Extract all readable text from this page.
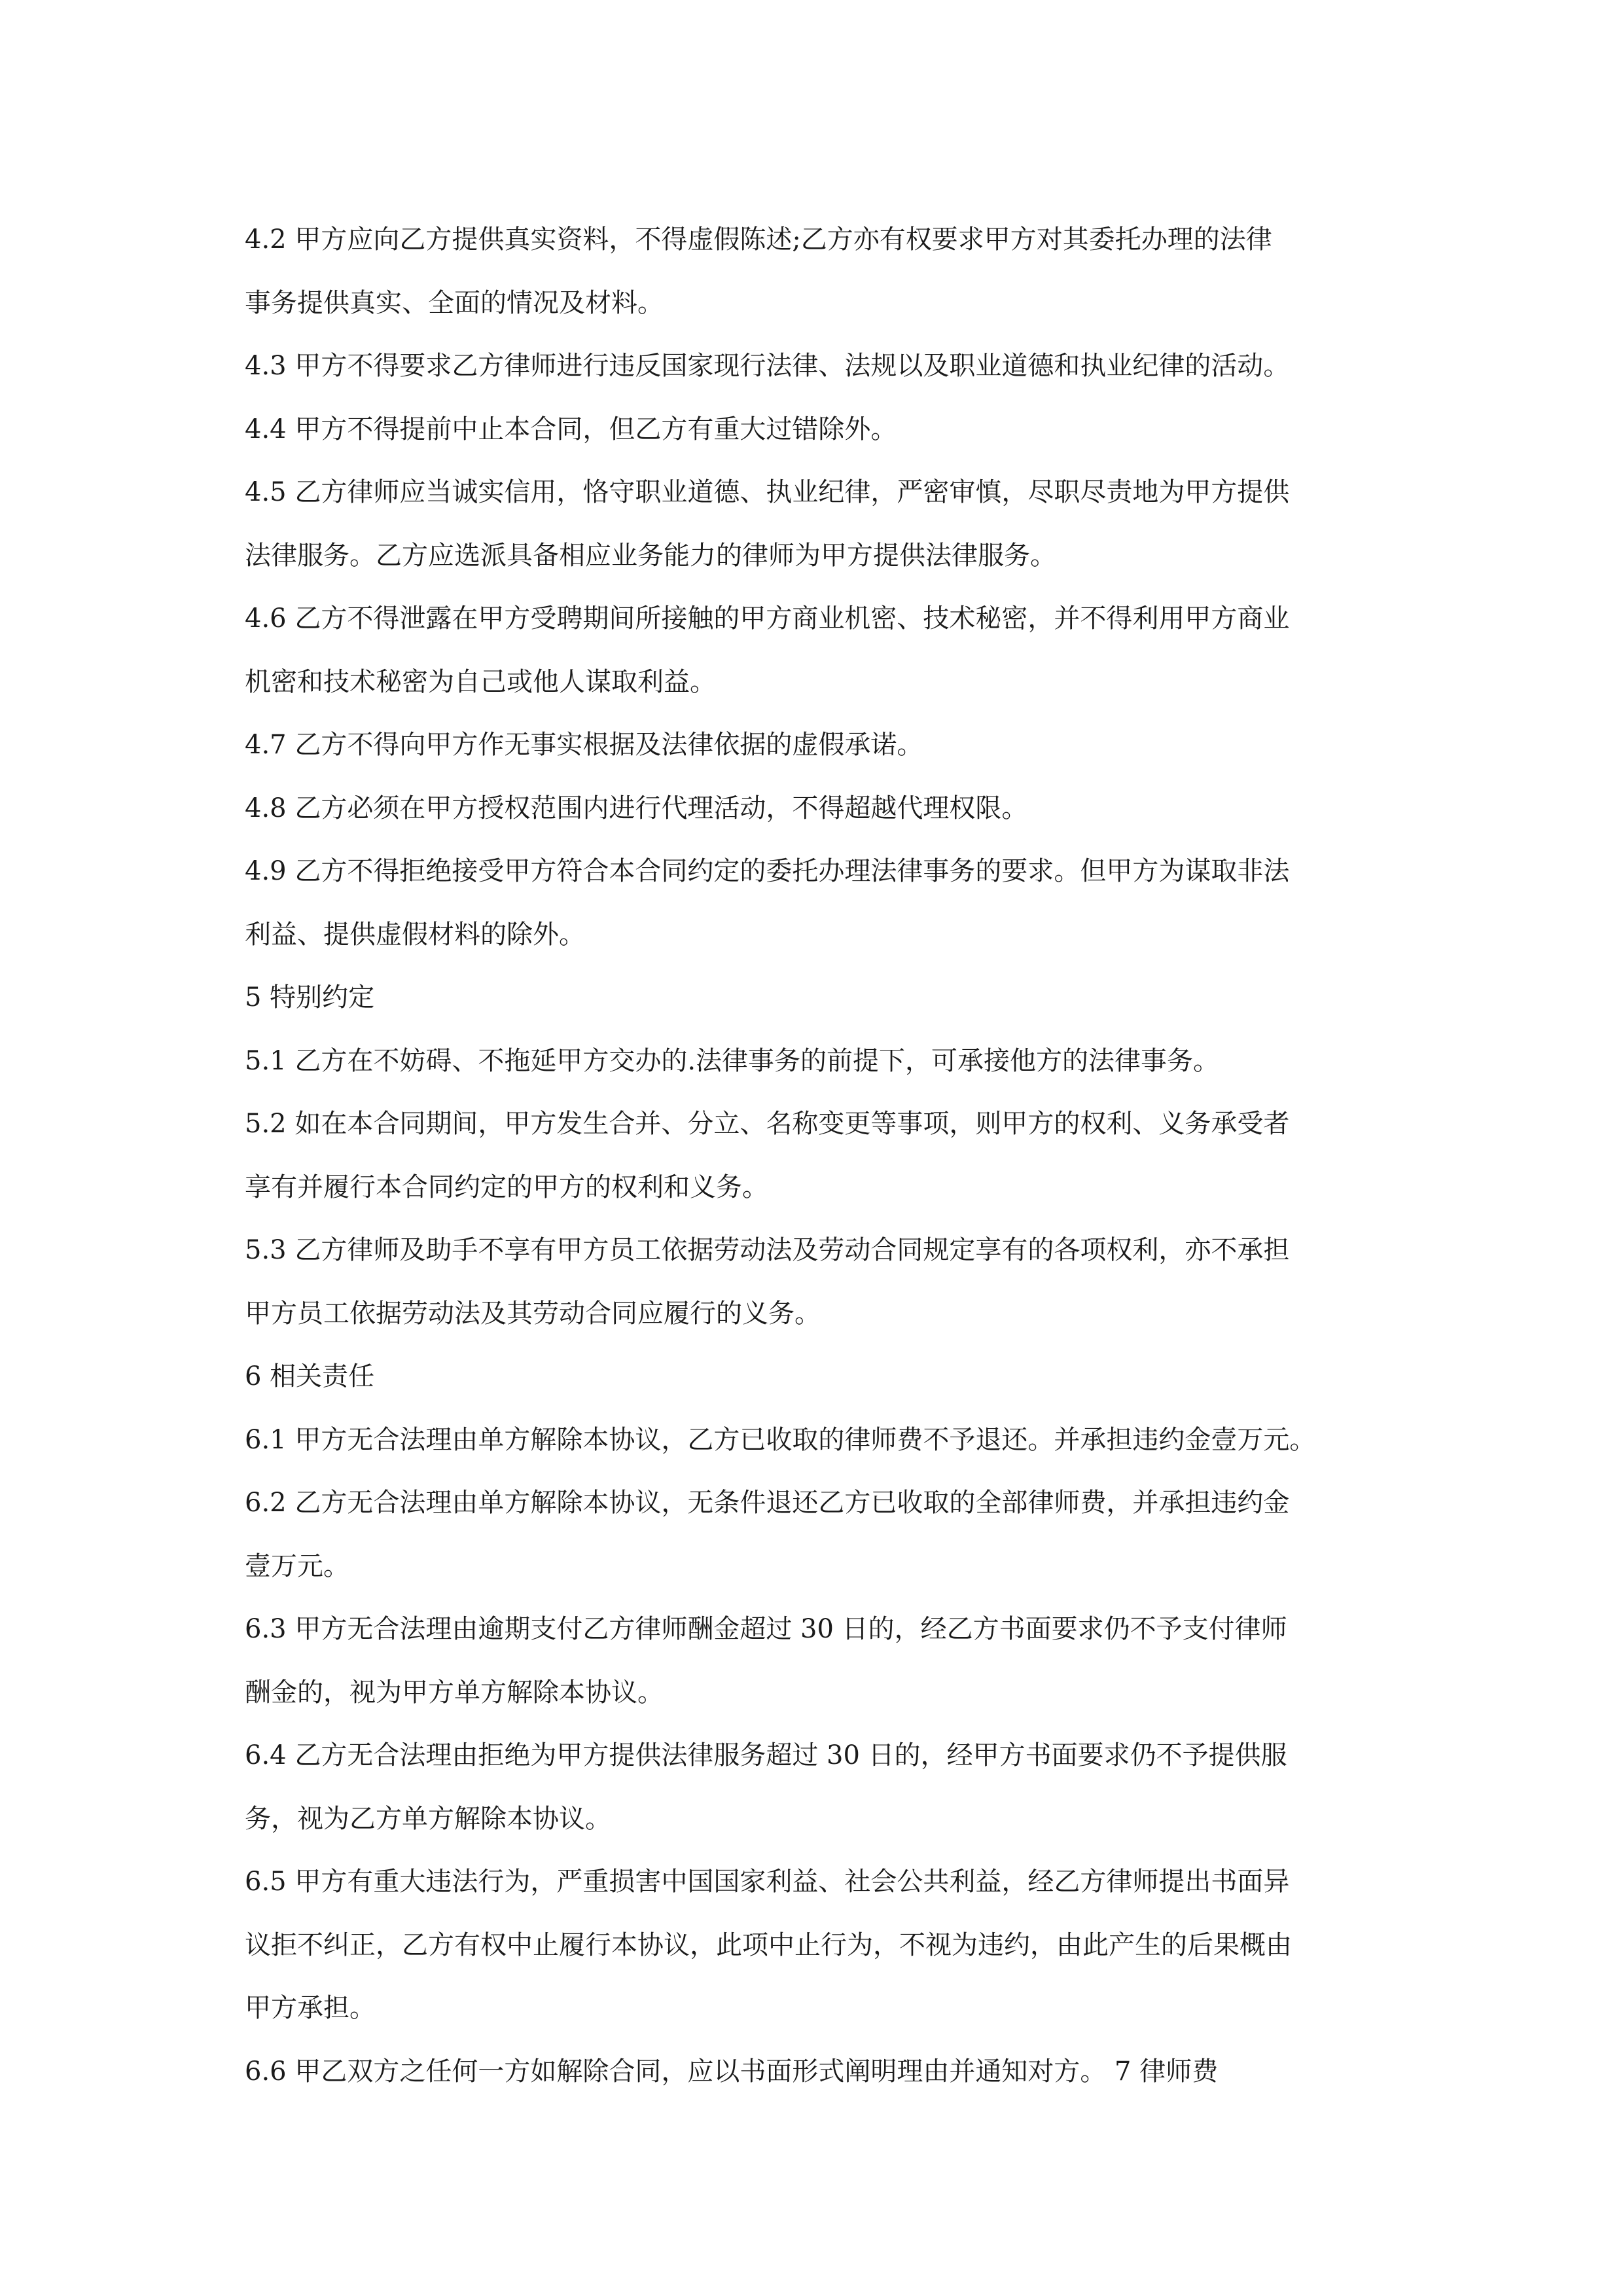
4.2 甲方应向乙方提供真实资料，不得虚假陈述;乙方亦有权要求甲方对其委托办理的法律
事务提供真实、全面的情况及材料。
4.3 甲方不得要求乙方律师进行违反国家现行法律、法规以及职业道德和执业纪律的活动。
4.4 甲方不得提前中止本合同，但乙方有重大过错除外。
4.5 乙方律师应当诚实信用，恪守职业道德、执业纪律，严密审慎，尽职尽责地为甲方提供
法律服务。乙方应选派具备相应业务能力的律师为甲方提供法律服务。
4.6 乙方不得泄露在甲方受聘期间所接触的甲方商业机密、技术秘密，并不得利用甲方商业
机密和技术秘密为自己或他人谋取利益。
4.7 乙方不得向甲方作无事实根据及法律依据的虚假承诺。
4.8 乙方必须在甲方授权范围内进行代理活动，不得超越代理权限。
4.9 乙方不得拒绝接受甲方符合本合同约定的委托办理法律事务的要求。但甲方为谋取非法
利益、提供虚假材料的除外。
5 特别约定
5.1 乙方在不妨碍、不拖延甲方交办的.法律事务的前提下，可承接他方的法律事务。
5.2 如在本合同期间，甲方发生合并、分立、名称变更等事项，则甲方的权利、义务承受者
享有并履行本合同约定的甲方的权利和义务。
5.3 乙方律师及助手不享有甲方员工依据劳动法及劳动合同规定享有的各项权利，亦不承担
甲方员工依据劳动法及其劳动合同应履行的义务。
6 相关责任
6.1 甲方无合法理由单方解除本协议，乙方已收取的律师费不予退还。并承担违约金壹万元。
6.2 乙方无合法理由单方解除本协议，无条件退还乙方已收取的全部律师费，并承担违约金
壹万元。
6.3 甲方无合法理由逾期支付乙方律师酬金超过 30 日的，经乙方书面要求仍不予支付律师
酬金的，视为甲方单方解除本协议。
6.4 乙方无合法理由拒绝为甲方提供法律服务超过 30 日的，经甲方书面要求仍不予提供服
务，视为乙方单方解除本协议。
6.5 甲方有重大违法行为，严重损害中国国家利益、社会公共利益，经乙方律师提出书面异
议拒不纠正，乙方有权中止履行本协议，此项中止行为，不视为违约，由此产生的后果概由
甲方承担。
6.6 甲乙双方之任何一方如解除合同，应以书面形式阐明理由并通知对方。 7 律师费
